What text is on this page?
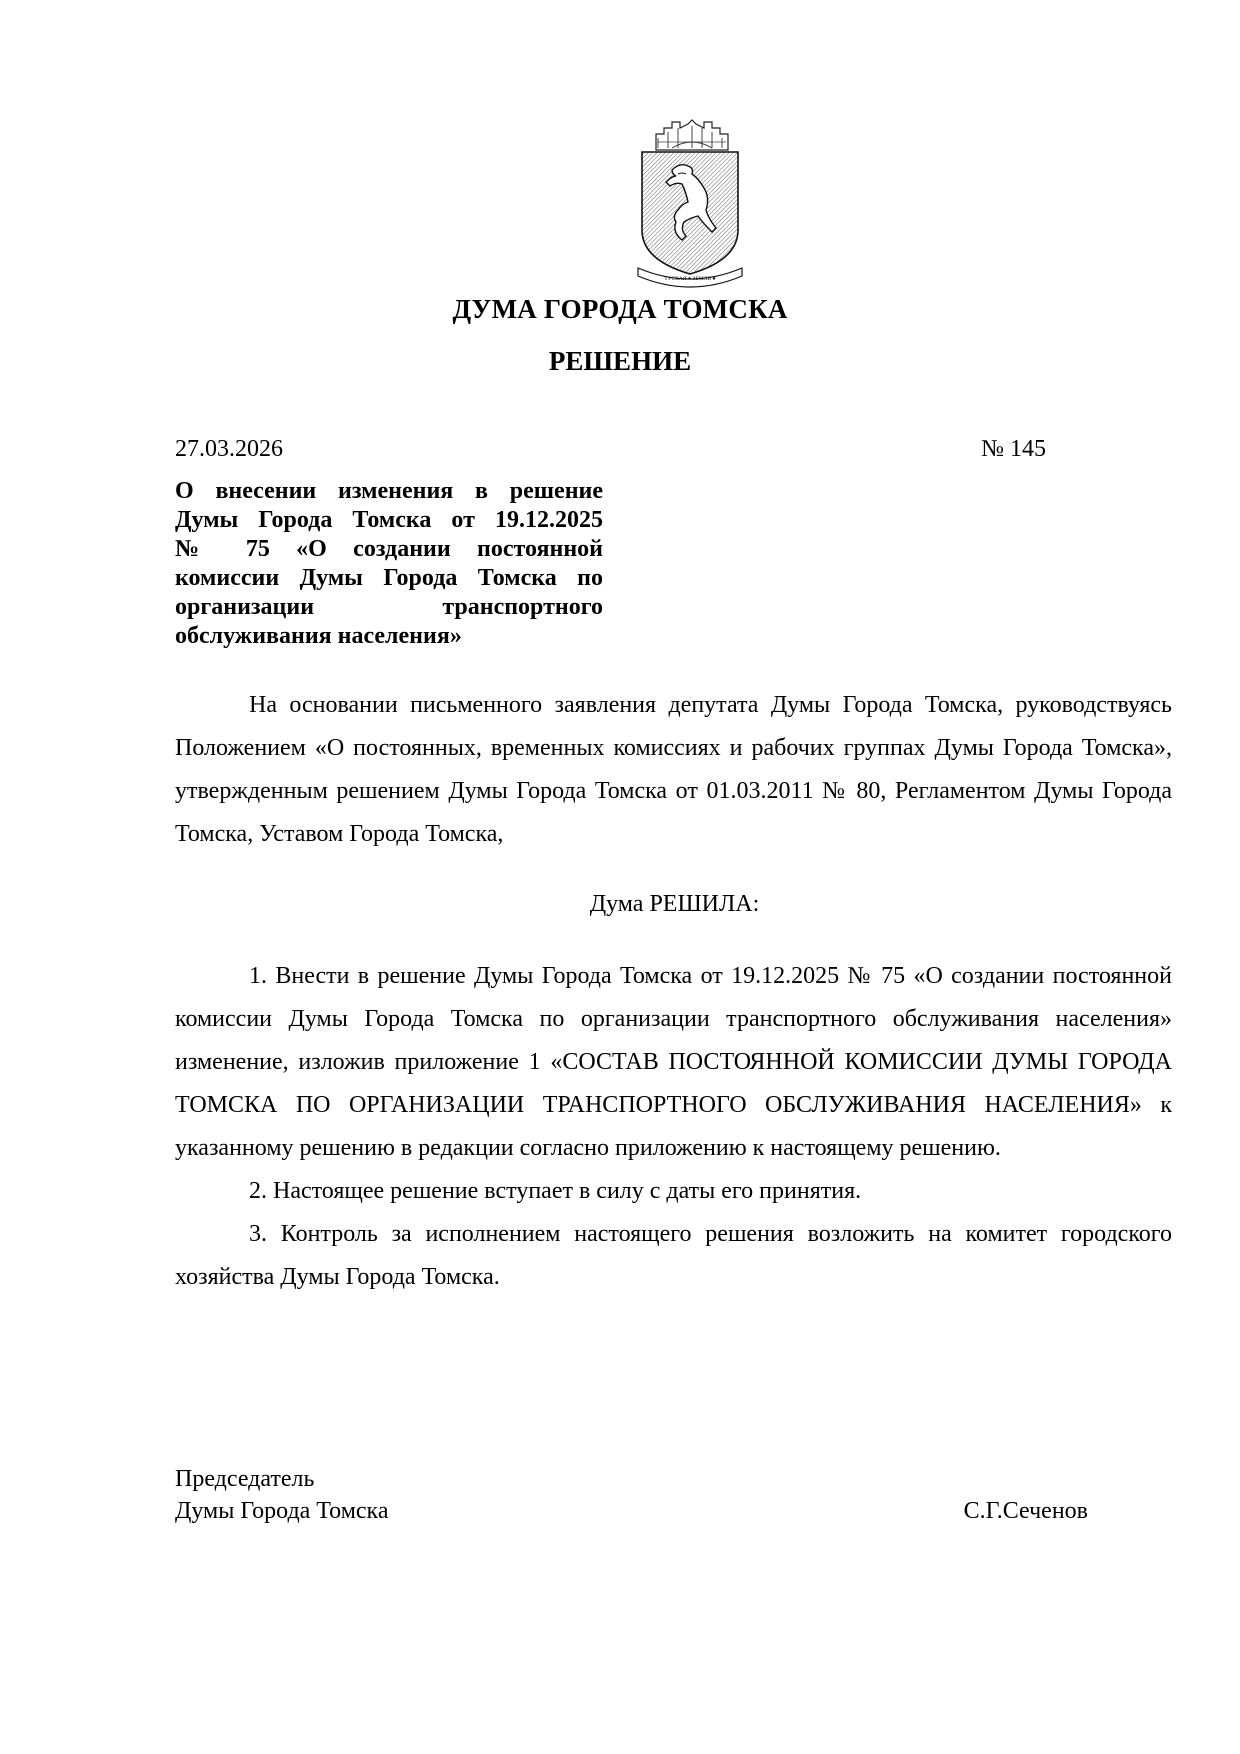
ТУСКАЯ ● ЗЕМЛЯ ●
ДУМА ГОРОДА ТОМСКА
РЕШЕНИЕ
27.03.2026	№ 145
О внесении изменения в решение
Думы Города Томска от 19.12.2025
№ 75 «О создании постоянной
комиссии Думы Города Томска по
организации транспортного
обслуживания населения»

На основании письменного заявления депутата Думы Города Томска, руководствуясь Положением «О постоянных, временных комиссиях и рабочих группах Думы Города Томска», утвержденным решением Думы Города Томска от 01.03.2011 № 80, Регламентом Думы Города Томска, Уставом Города Томска,

Дума РЕШИЛА:

1. Внести в решение Думы Города Томска от 19.12.2025 № 75 «О создании постоянной комиссии Думы Города Томска по организации транспортного обслуживания населения» изменение, изложив приложение 1 «СОСТАВ ПОСТОЯННОЙ КОМИССИИ ДУМЫ ГОРОДА ТОМСКА ПО ОРГАНИЗАЦИИ ТРАНСПОРТНОГО ОБСЛУЖИВАНИЯ НАСЕЛЕНИЯ» к указанному решению в редакции согласно приложению к настоящему решению.

2. Настоящее решение вступает в силу с даты его принятия.

3. Контроль за исполнением настоящего решения возложить на комитет городского хозяйства Думы Города Томска.

Председатель
Думы Города Томска	С.Г.Сеченов
